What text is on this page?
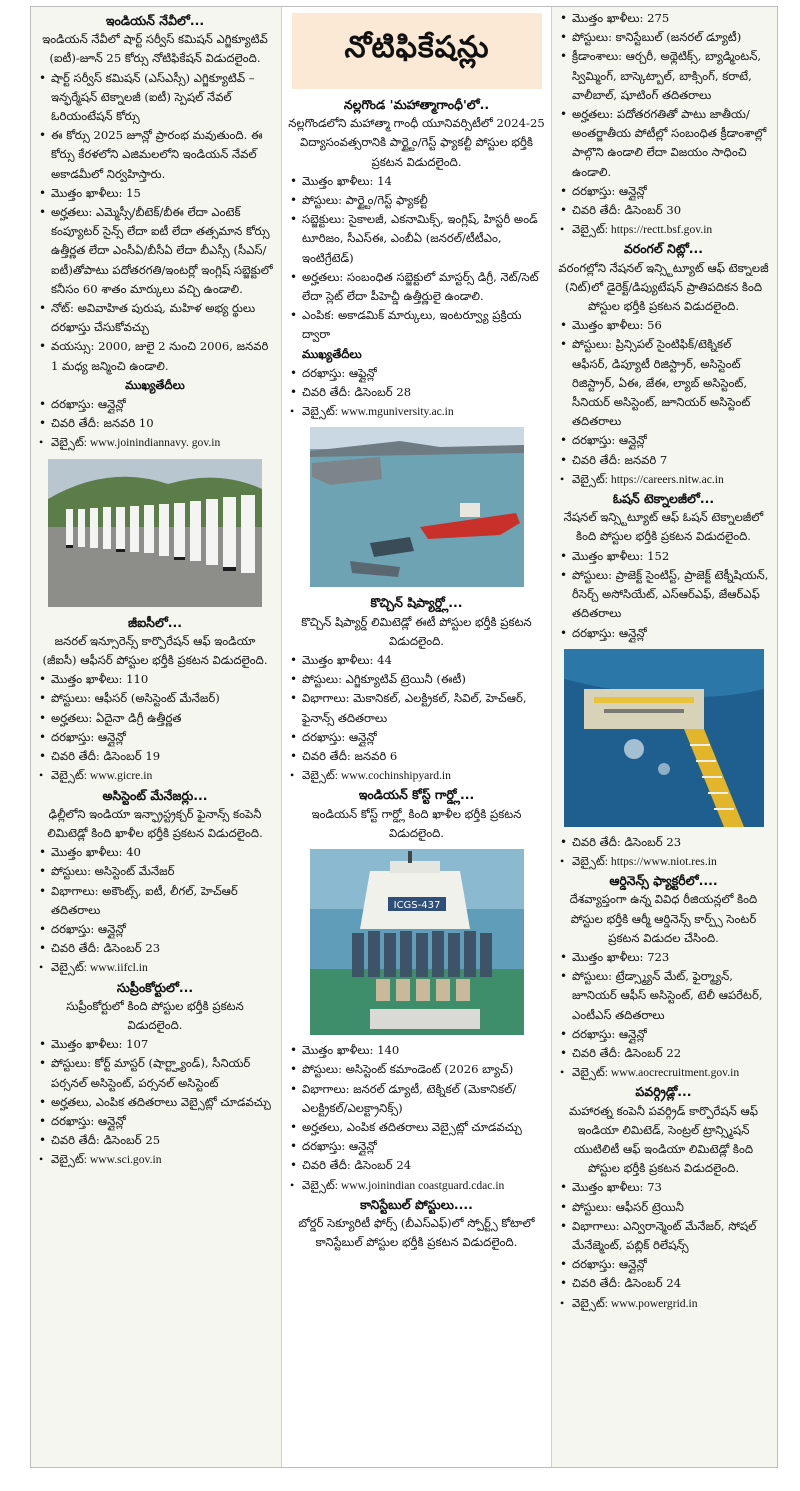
ఇండియన్ నేవీలో...
ఇండియన్ నేవీలో షార్ట్ సర్వీస్ కమిషన్ ఎగ్జిక్యూటివ్ (ఐటీ)-జూన్ 25 కోర్సు నోటిఫికేషన్ విడుదలైంది.
• షార్ట్ సర్వీస్ కమిషన్ (ఎస్ఎస్సీ) ఎగ్జిక్యూటివ్ – ఇన్ఫర్మేషన్ టెక్నాలజీ (ఐటీ) స్పెషల్ నేవల్ ఓరియంటేషన్ కోర్సు
• ఈ కోర్సు 2025 జూన్లో ప్రారంభ మవుతుంది. ఈ కోర్సు కేరళలోని ఎజిమలలోని ఇండియన్ నేవల్ అకాడమీలో నిర్వహిస్తారు.
• మొత్తం ఖాళీలు: 15
• అర్హతలు: ఎమ్మెస్సీ/బీటెక్/బీఈ లేదా ఎంటెక్ కంప్యూటర్ సైన్స్ లేదా ఐటీ లేదా తత్సమాన కోర్సు ఉత్తీర్ణత లేదా ఎంసీఏ/బీసీఏ లేదా బీఎస్సీ (సీఎస్/ఐటీ)తోపాటు పదోతరగతి/ఇంటర్లో ఇంగ్లిష్ సబ్జెక్టులో కనీసం 60 శాతం మార్కులు వచ్చి ఉండాలి.
• నోట్: అవివాహిత పురుష, మహిళ అభ్య ర్థులు దరఖాస్తు చేసుకోవచ్చు
• వయస్సు: 2000, జులై 2 నుంచి 2006, జనవరి 1 మధ్య జన్మించి ఉండాలి.
ముఖ్యతేదీలు
• దరఖాస్తు: ఆన్లైన్లో
• చివరి తేదీ: జనవరి 10
• వెబ్సైట్: www.joinindiannavy. gov.in
జీఐసీలో...
జనరల్ ఇన్సూరెన్స్ కార్పొరేషన్ ఆఫ్ ఇండియా (జీఐసీ) ఆఫీసర్ పోస్టుల భర్తీకి ప్రకటన విడుదలైంది.
• మొత్తం ఖాళీలు: 110
• పోస్టులు: ఆఫీసర్ (అసిస్టెంట్ మేనేజర్)
• అర్హతలు: ఏదైనా డిగ్రీ ఉత్తీర్ణత
• దరఖాస్తు: ఆన్లైన్లో
• చివరి తేదీ: డిసెంబర్ 19
• వెబ్సైట్: www.gicre.in
అసిస్టెంట్ మేనేజర్లు...
ఢిల్లీలోని ఇండియా ఇన్ఫ్రాస్ట్రక్చర్ ఫైనాన్స్ కంపెనీ లిమిటెడ్లో కింది ఖాళీల భర్తీకి ప్రకటన విడుదలైంది.
• మొత్తం ఖాళీలు: 40
• పోస్టులు: అసిస్టెంట్ మేనేజర్
• విభాగాలు: అకౌంట్స్, ఐటీ, లీగల్, హెచ్ఆర్ తదితరాలు
• దరఖాస్తు: ఆన్లైన్లో
• చివరి తేదీ: డిసెంబర్ 23
• వెబ్సైట్: www.iifcl.in
సుప్రీంకోర్టులో...
సుప్రీంకోర్టులో కింది పోస్టుల భర్తీకి ప్రకటన విడుదలైంది.
• మొత్తం ఖాళీలు: 107
• పోస్టులు: కోర్ట్ మాస్టర్ (షార్ట్హ్యాండ్), సీనియర్ పర్సనల్ అసిస్టెంట్, పర్సనల్ అసిస్టెంట్
• అర్హతలు, ఎంపిక తదితరాలు వెబ్సైట్లో చూడవచ్చు
• దరఖాస్తు: ఆన్లైన్లో
• చివరి తేదీ: డిసెంబర్ 25
• వెబ్సైట్: www.sci.gov.in
నోటిఫికేషన్లు
నల్లగొండ 'మహాత్మాగాంధీ'లో..
నల్లగొండలోని మహాత్మా గాంధీ యూనివర్సిటీలో 2024-25 విద్యాసంవత్సరానికి పార్ట్టైం/గెస్ట్ ఫ్యాకల్టీ పోస్టుల భర్తీకి ప్రకటన విడుదలైంది.
• మొత్తం ఖాళీలు: 14
• పోస్టులు: పార్ట్టైం/గెస్ట్ ఫ్యాకల్టీ
• సబ్జెక్టులు: సైకాలజీ, ఎకనామిక్స్, ఇంగ్లిష్, హిస్టరీ అండ్ టూరిజం, సీఎస్ఈ, ఎంబీఏ (జనరల్/టీటీఎం, ఇంటిగ్రేటెడ్)
• అర్హతలు: సంబంధిత సబ్జెక్టులో మాస్టర్స్ డిగ్రీ, నెట్/సెట్ లేదా స్లెట్ లేదా పీహెచ్డీ ఉత్తీర్ణులై ఉండాలి.
• ఎంపిక: అకాడమిక్ మార్కులు, ఇంటర్వ్యూ ప్రక్రియ ద్వారా
ముఖ్యతేదీలు
• దరఖాస్తు: ఆఫ్లైన్లో
• చివరి తేదీ: డిసెంబర్ 28
• వెబ్సైట్: www.mguniversity.ac.in
కొచ్చిన్ షిప్యార్డ్లో...
కొచ్చిన్ షిప్యార్డ్ లిమిటెడ్లో ఈటీ పోస్టుల భర్తీకి ప్రకటన విడుదలైంది.
• మొత్తం ఖాళీలు: 44
• పోస్టులు: ఎగ్జిక్యూటివ్ ట్రెయినీ (ఈటీ)
• విభాగాలు: మెకానికల్, ఎలక్ట్రికల్, సివిల్, హెచ్ఆర్, ఫైనాన్స్ తదితరాలు
• దరఖాస్తు: ఆన్లైన్లో
• చివరి తేదీ: జనవరి 6
• వెబ్సైట్: www.cochinshipyard.in
ఇండియన్ కోస్ట్ గార్డ్లో...
ఇండియన్ కోస్ట్ గార్డ్లో కింది ఖాళీల భర్తీకి ప్రకటన విడుదలైంది.
ICGS-437
• మొత్తం ఖాళీలు: 140
• పోస్టులు: అసిస్టెంట్ కమాండెంట్ (2026 బ్యాచ్)
• విభాగాలు: జనరల్ డ్యూటీ, టెక్నికల్ (మెకానికల్/ఎలక్ట్రికల్/ఎలక్ట్రానిక్స్)
• అర్హతలు, ఎంపిక తదితరాలు వెబ్సైట్లో చూడవచ్చు
• దరఖాస్తు: ఆన్లైన్లో
• చివరి తేదీ: డిసెంబర్ 24
• వెబ్సైట్: www.joinindian coastguard.cdac.in
కానిస్టేబుల్ పోస్టులు....
బోర్డర్ సెక్యూరిటీ ఫోర్స్ (బీఎస్ఎఫ్)లో స్పోర్ట్స్ కోటాలో కానిస్టేబుల్ పోస్టుల భర్తీకి ప్రకటన విడుదలైంది.
• మొత్తం ఖాళీలు: 275
• పోస్టులు: కానిస్టేబుల్ (జనరల్ డ్యూటీ)
• క్రీడాంశాలు: ఆర్చరీ, అథ్లెటిక్స్, బ్యాడ్మింటన్, స్విమ్మింగ్, బాస్కెట్బాల్, బాక్సింగ్, కరాటే, వాలీబాల్, షూటింగ్ తదితరాలు
• అర్హతలు: పదోతరగతితో పాటు జాతీయ/అంతర్జాతీయ పోటీల్లో సంబంధిత క్రీడాంశాల్లో పాల్గొని ఉండాలి లేదా విజయం సాధించి ఉండాలి.
• దరఖాస్తు: ఆన్లైన్లో
• చివరి తేదీ: డిసెంబర్ 30
• వెబ్సైట్: https://rectt.bsf.gov.in
వరంగల్ నిట్లో...
వరంగల్లోని నేషనల్ ఇన్స్టిట్యూట్ ఆఫ్ టెక్నాలజీ (నిట్)లో డైరెక్ట్/డిప్యుటేషన్ ప్రాతిపదికన కింది పోస్టుల భర్తీకి ప్రకటన విడుదలైంది.
• మొత్తం ఖాళీలు: 56
• పోస్టులు: ప్రిన్సిపల్ సైంటిఫిక్/టెక్నికల్ ఆఫీసర్, డిప్యూటీ రిజిస్ట్రార్, అసిస్టెంట్ రిజిస్ట్రార్, ఏఈ, జేఈ, ల్యాబ్ అసిస్టెంట్, సీనియర్ అసిస్టెంట్, జూనియర్ అసిస్టెంట్ తదితరాలు
• దరఖాస్తు: ఆన్లైన్లో
• చివరి తేదీ: జనవరి 7
• వెబ్సైట్: https://careers.nitw.ac.in
ఓషన్ టెక్నాలజీలో...
నేషనల్ ఇన్స్టిట్యూట్ ఆఫ్ ఓషన్ టెక్నాలజీలో కింది పోస్టుల భర్తీకి ప్రకటన విడుదలైంది.
• మొత్తం ఖాళీలు: 152
• పోస్టులు: ప్రాజెక్ట్ సైంటిస్ట్, ప్రాజెక్ట్ టెక్నీషియన్, రీసెర్చ్ అసోసియేట్, ఎస్ఆర్ఎఫ్, జేఆర్ఎఫ్ తదితరాలు
• దరఖాస్తు: ఆన్లైన్లో
• చివరి తేదీ: డిసెంబర్ 23
• వెబ్సైట్: https://www.niot.res.in
ఆర్డినెన్స్ ఫ్యాక్టరీలో....
దేశవ్యాప్తంగా ఉన్న వివిధ రీజియన్లలో కింది పోస్టుల భర్తీకి ఆర్మీ ఆర్డినెన్స్ కార్ప్స్ సెంటర్ ప్రకటన విడుదల చేసింది.
• మొత్తం ఖాళీలు: 723
• పోస్టులు: ట్రేడ్స్మ్యాన్ మేట్, ఫైర్మ్యాన్, జూనియర్ ఆఫీస్ అసిస్టెంట్, టెలీ ఆపరేటర్, ఎంటీఎస్ తదితరాలు
• దరఖాస్తు: ఆన్లైన్లో
• చివరి తేదీ: డిసెంబర్ 22
• వెబ్సైట్: www.aocrecruitment.gov.in
పవర్గ్రిడ్లో...
మహారత్న కంపెనీ పవర్గ్రిడ్ కార్పొరేషన్ ఆఫ్ ఇండియా లిమిటెడ్, సెంట్రల్ ట్రాన్స్మిషన్ యుటిలిటీ ఆఫ్ ఇండియా లిమిటెడ్లో కింది పోస్టుల భర్తీకి ప్రకటన విడుదలైంది.
• మొత్తం ఖాళీలు: 73
• పోస్టులు: ఆఫీసర్ ట్రెయినీ
• విభాగాలు: ఎన్విరాన్మెంట్ మేనేజర్, సోషల్ మేనేజ్మెంట్, పబ్లిక్ రిలేషన్స్
• దరఖాస్తు: ఆన్లైన్లో
• చివరి తేదీ: డిసెంబర్ 24
• వెబ్సైట్: www.powergrid.in
